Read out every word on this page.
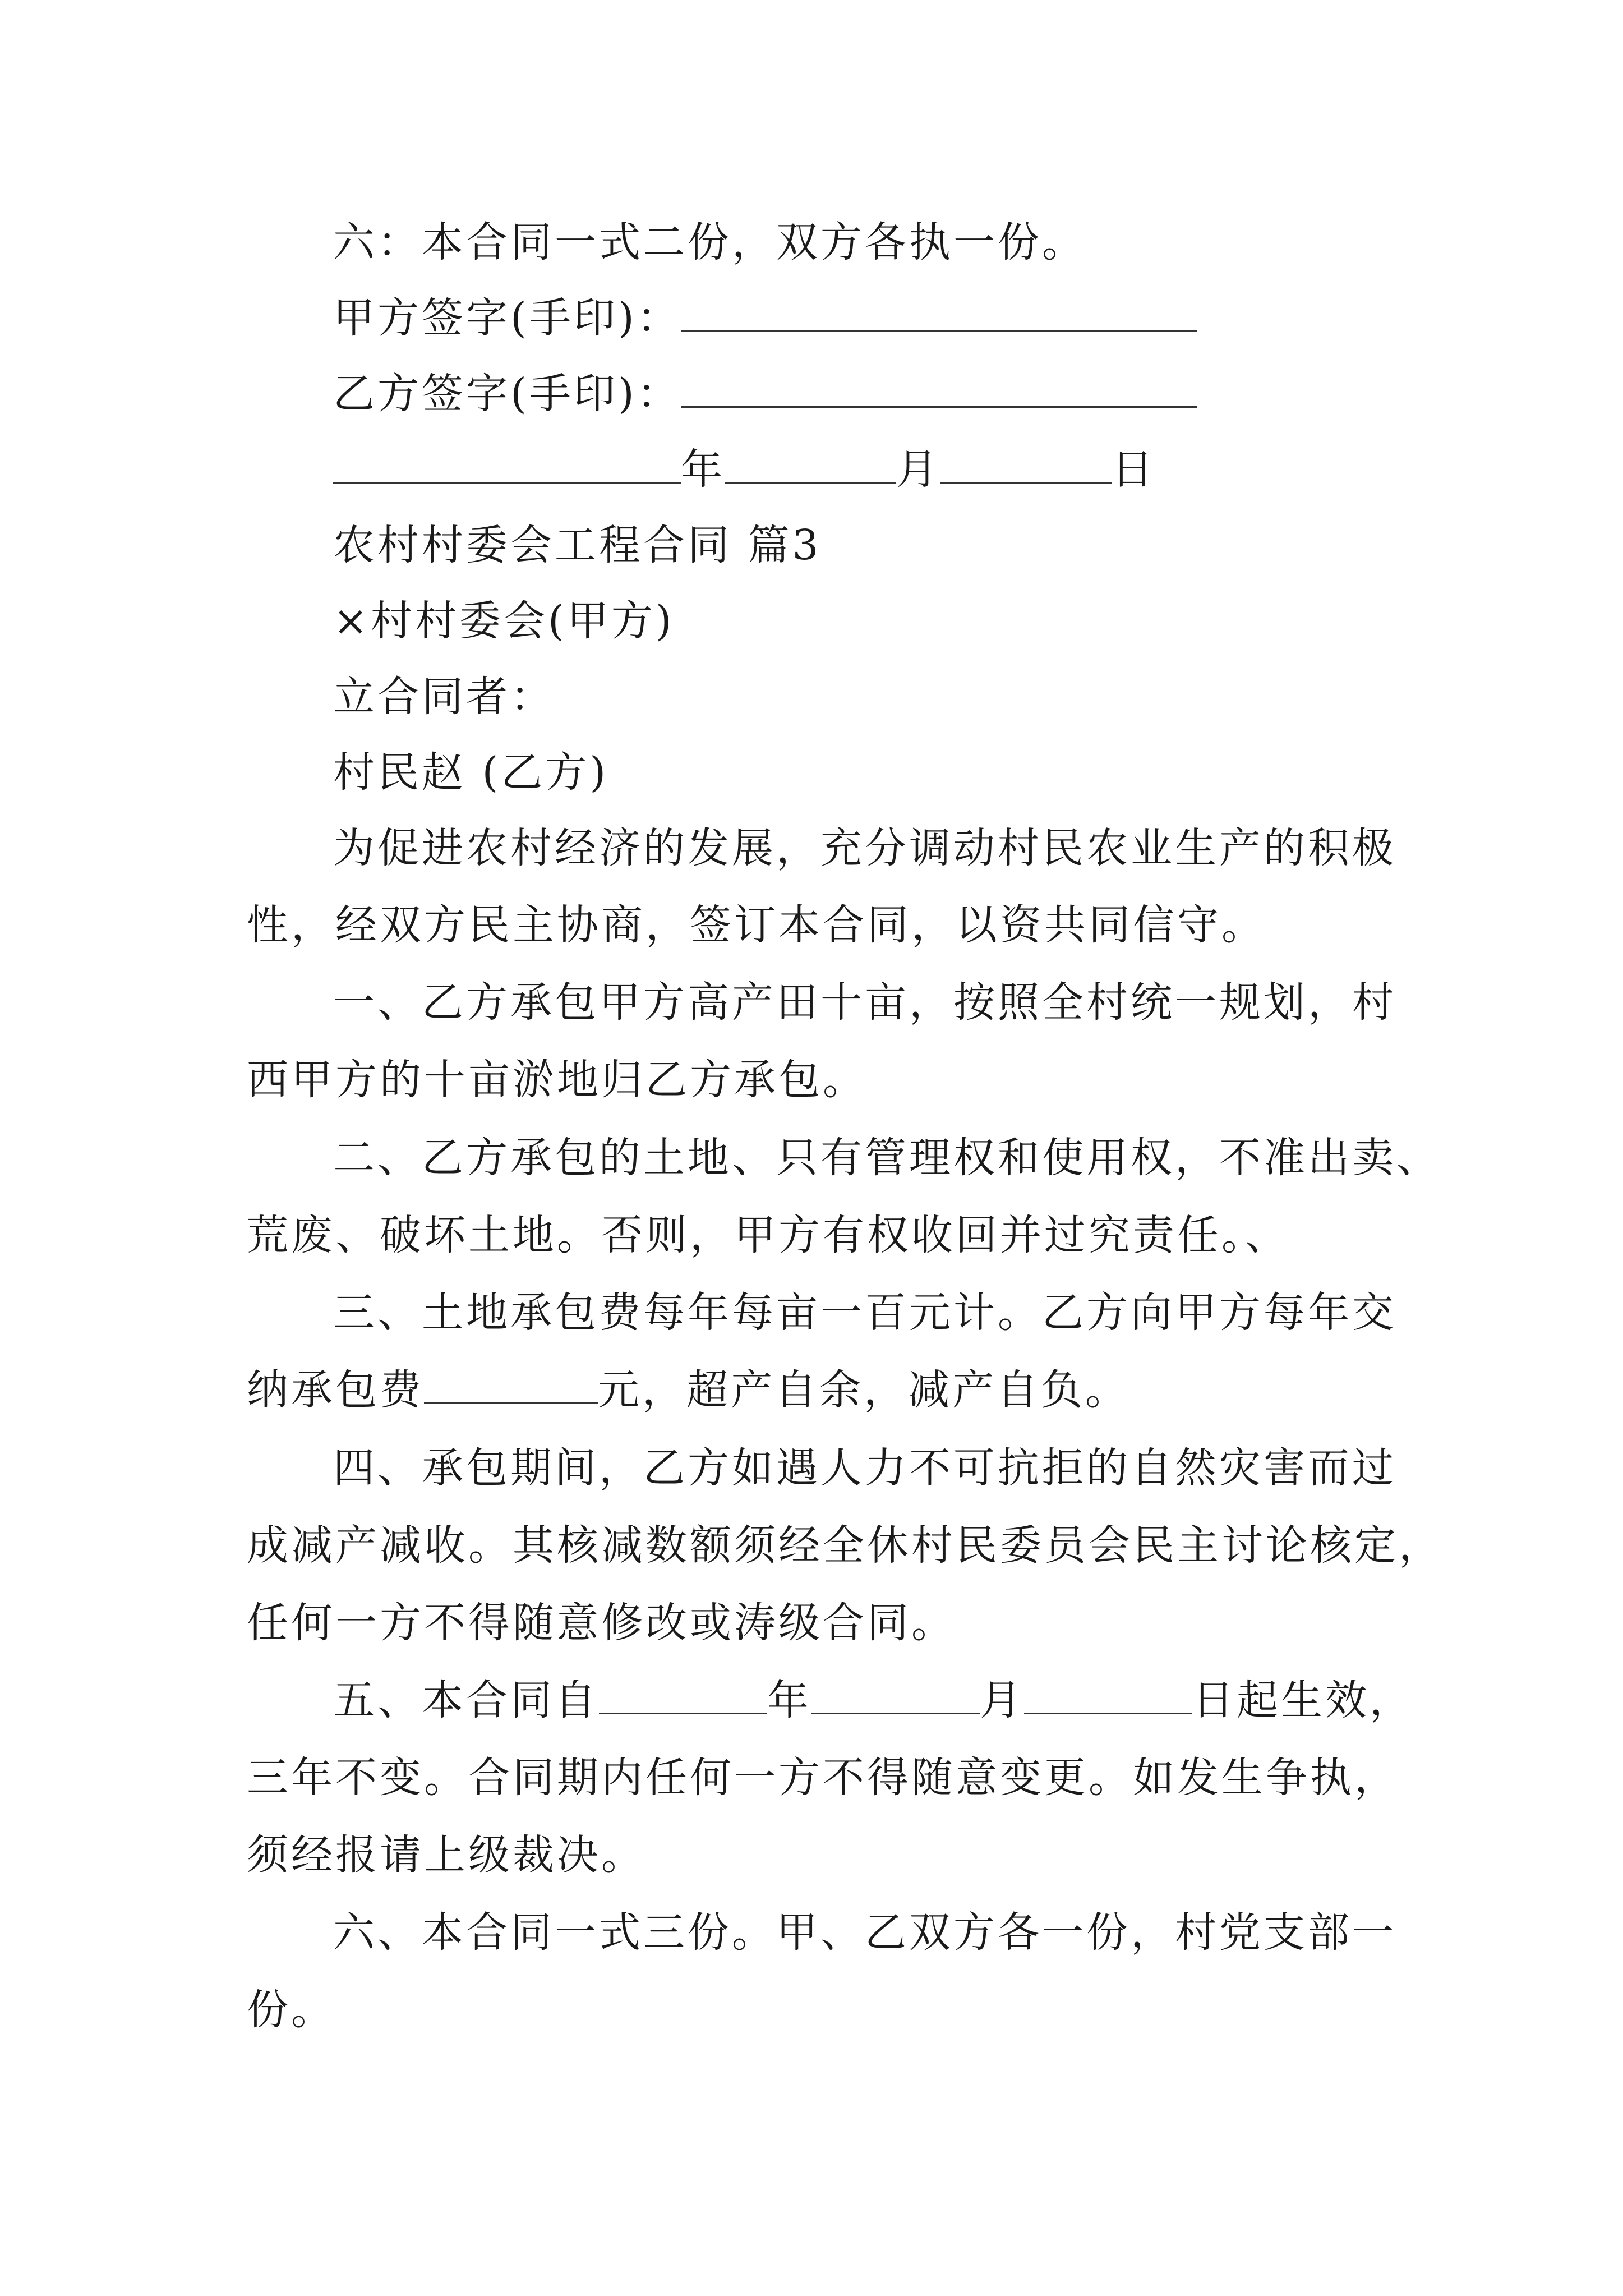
六：本合同一式二份，双方各执一份。
甲方签字(手印)：
乙方签字(手印)：
年	月	日
农村村委会工程合同 篇3
×村村委会(甲方)
立合同者：
村民赵 (乙方)
为促进农村经济的发展，充分调动村民农业生产的积极
性，经双方民主协商，签订本合同，以资共同信守。
一、乙方承包甲方高产田十亩，按照全村统一规划，村
西甲方的十亩淤地归乙方承包。
二、乙方承包的土地、只有管理权和使用权，不准出卖、
荒废、破坏土地。否则，甲方有权收回并过究责任。、
三、土地承包费每年每亩一百元计。乙方向甲方每年交
纳承包费	元，超产自余，减产自负。
四、承包期间，乙方如遇人力不可抗拒的自然灾害而过
成减产减收。其核减数额须经全休村民委员会民主讨论核定，
任何一方不得随意修改或涛级合同。
五、本合同自	年	月	日起生效，
三年不变。合同期内任何一方不得随意变更。如发生争执，
须经报请上级裁决。
六、本合同一式三份。甲、乙双方各一份，村党支部一
份。
